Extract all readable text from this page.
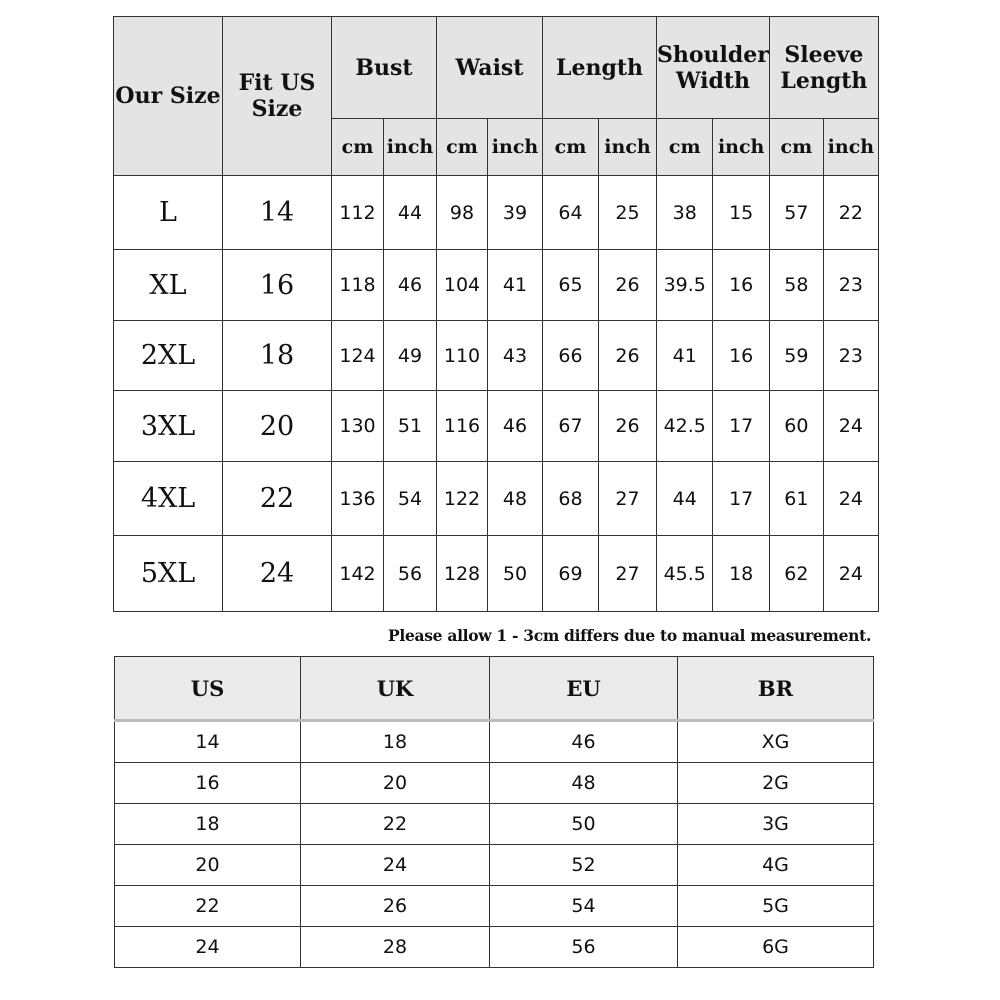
Our Size	Fit US Size	Bust		Waist		Length		Shoulder Width		Sleeve Length	
		cm	inch	cm	inch	cm	inch	cm	inch	cm	inch
L	14	112	44	98	39	64	25	38	15	57	22
XL	16	118	46	104	41	65	26	39.5	16	58	23
2XL	18	124	49	110	43	66	26	41	16	59	23
3XL	20	130	51	116	46	67	26	42.5	17	60	24
4XL	22	136	54	122	48	68	27	44	17	61	24
5XL	24	142	56	128	50	69	27	45.5	18	62	24
Please allow 1 - 3cm differs due to manual measurement.
US	UK	EU	BR
14	18	46	XG
16	20	48	2G
18	22	50	3G
20	24	52	4G
22	26	54	5G
24	28	56	6G
